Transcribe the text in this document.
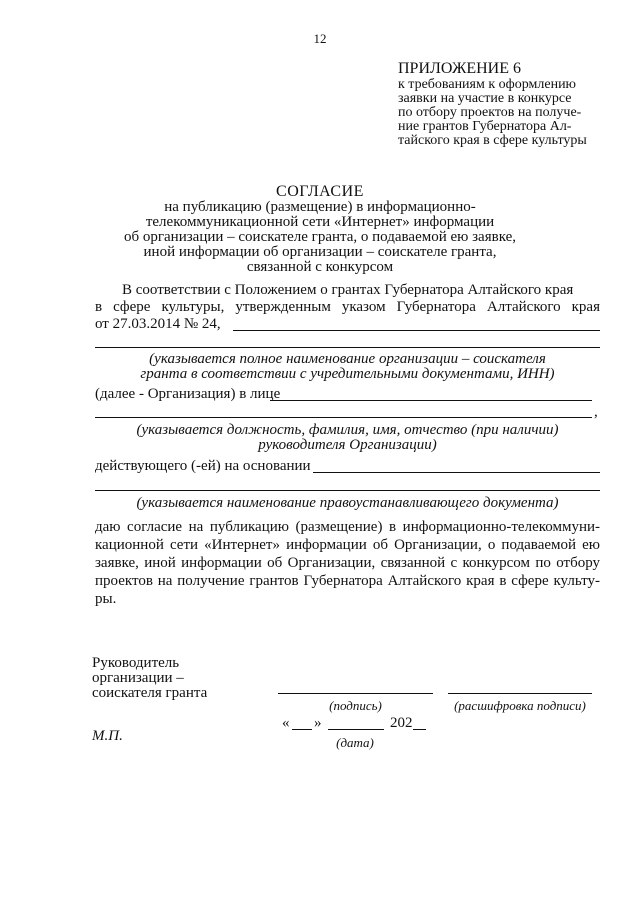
12
ПРИЛОЖЕНИЕ 6
к требованиям к оформлению
заявки на участие в конкурсе
по отбору проектов на получе-
ние грантов Губернатора Ал-
тайского края в сфере культуры
СОГЛАСИЕ
на публикацию (размещение) в информационно-
телекоммуникационной сети «Интернет» информации
об организации – соискателе гранта, о подаваемой ею заявке,
иной информации об организации – соискателе гранта,
связанной с конкурсом
В соответствии с Положением о грантах Губернатора Алтайского края
в сфере культуры, утвержденным указом Губернатора Алтайского края
от 27.03.2014 № 24,
(указывается полное наименование организации – соискателя
гранта в соответствии с учредительными документами, ИНН)
(далее - Организация) в лице
,
(указывается должность, фамилия, имя, отчество (при наличии)
руководителя Организации)
действующего (-ей) на основании
(указывается наименование правоустанавливающего документа)
даю согласие на публикацию (размещение) в информационно-телекоммуни-
кационной сети «Интернет» информации об Организации, о подаваемой ею
заявке, иной информации об Организации, связанной с конкурсом по отбору
проектов на получение грантов Губернатора Алтайского края в сфере культу-
ры.
Руководитель
организации –
соискателя гранта
(подпись)	(расшифровка подписи)
« »	202
(дата)
М.П.
